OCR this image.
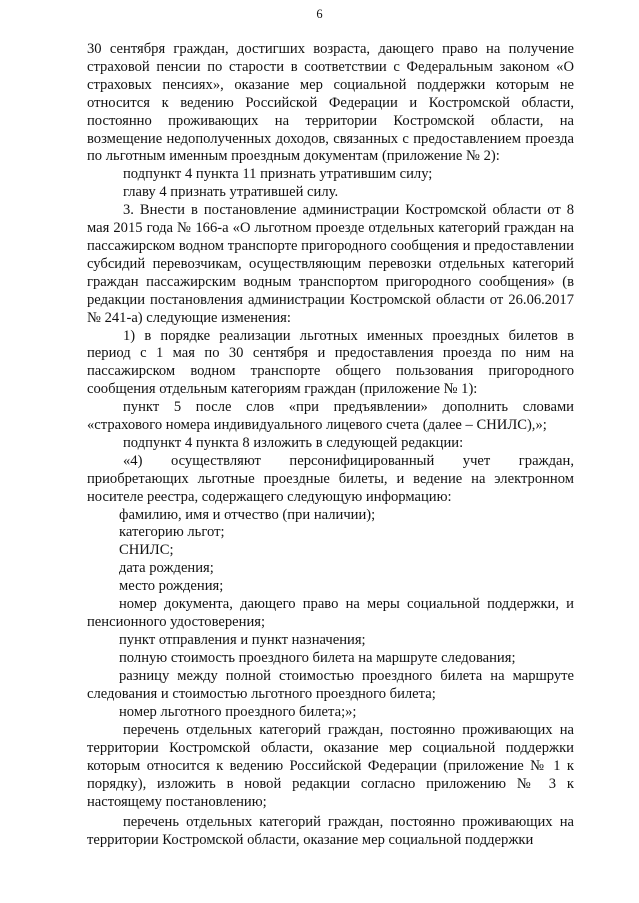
6

30 сентября граждан, достигших возраста, дающего право на получение страховой пенсии по старости в соответствии с Федеральным законом «О страховых пенсиях», оказание мер социальной поддержки которым не относится к ведению Российской Федерации и Костромской области, постоянно проживающих на территории Костромской области, на возмещение недополученных доходов, связанных с предоставлением проезда по льготным именным проездным документам (приложение № 2):

подпункт 4 пункта 11 признать утратившим силу;

главу 4 признать утратившей силу.

3. Внести в постановление администрации Костромской области от 8 мая 2015 года № 166-а «О льготном проезде отдельных категорий граждан на пассажирском водном транспорте пригородного сообщения и предоставлении субсидий перевозчикам, осуществляющим перевозки отдельных категорий граждан пассажирским водным транспортом пригородного сообщения» (в редакции постановления администрации Костромской области от 26.06.2017 № 241-а) следующие изменения:

1) в порядке реализации льготных именных проездных билетов в период с 1 мая по 30 сентября и предоставления проезда по ним на пассажирском водном транспорте общего пользования пригородного сообщения отдельным категориям граждан (приложение № 1):

пункт 5 после слов «при предъявлении» дополнить словами «страхового номера индивидуального лицевого счета (далее – СНИЛС),»;

подпункт 4 пункта 8 изложить в следующей редакции:

«4) осуществляют персонифицированный учет граждан, приобретающих льготные проездные билеты, и ведение на электронном носителе реестра, содержащего следующую информацию:

фамилию, имя и отчество (при наличии);

категорию льгот;

СНИЛС;

дата рождения;

место рождения;

номер документа, дающего право на меры социальной поддержки, и пенсионного удостоверения;

пункт отправления и пункт назначения;

полную стоимость проездного билета на маршруте следования;

разницу между полной стоимостью проездного билета на маршруте следования и стоимостью льготного проездного билета;

номер льготного проездного билета;»;

перечень отдельных категорий граждан, постоянно проживающих на территории Костромской области, оказание мер социальной поддержки которым относится к ведению Российской Федерации (приложение № 1 к порядку), изложить в новой редакции согласно приложению № 3 к настоящему постановлению;

перечень отдельных категорий граждан, постоянно проживающих на территории Костромской области, оказание мер социальной поддержки
